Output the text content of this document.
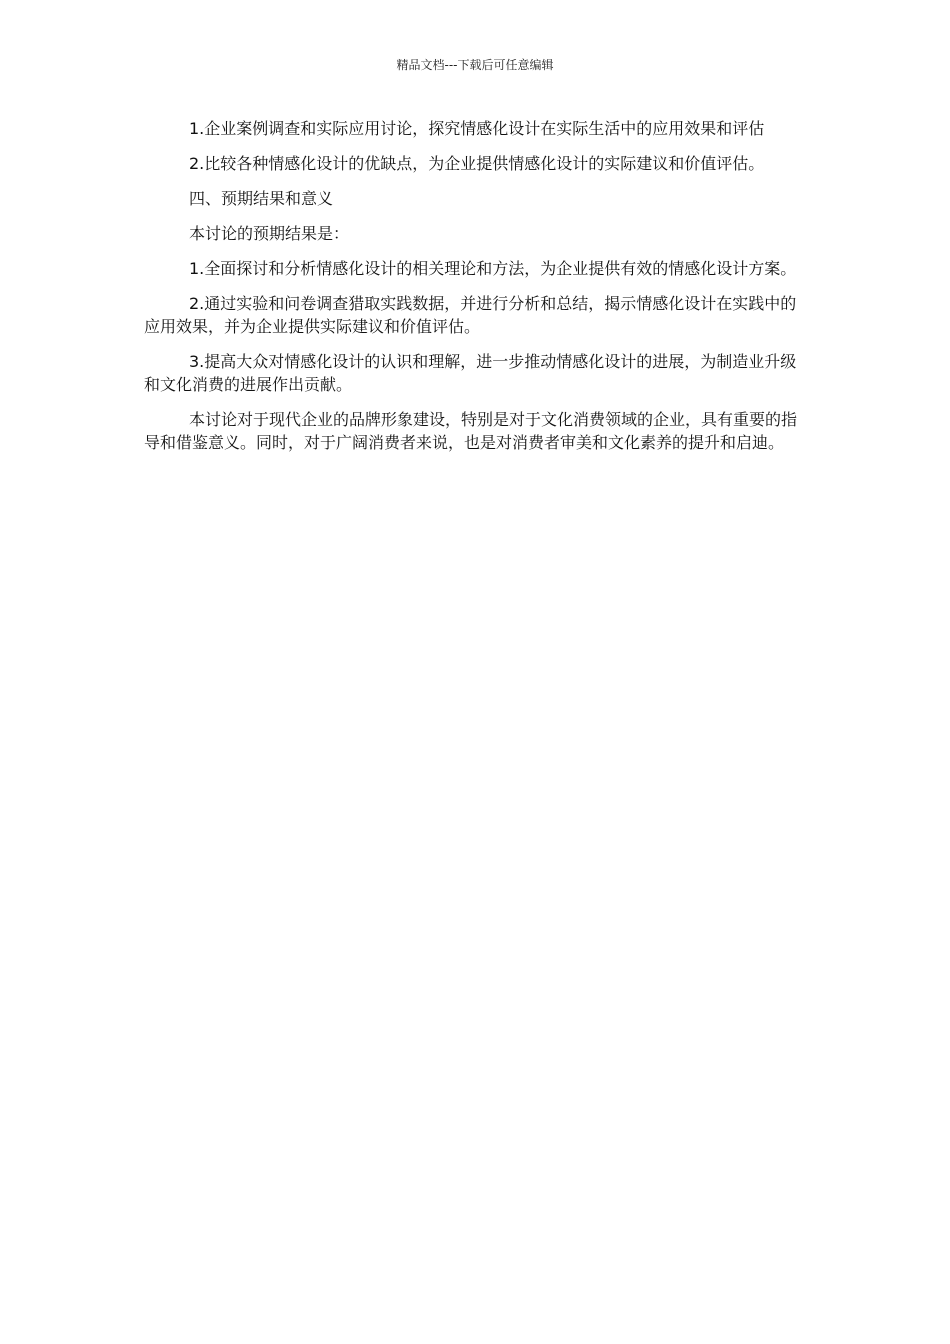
精品文档---下载后可任意编辑

1.企业案例调查和实际应用讨论，探究情感化设计在实际生活中的应用效果和评估

2.比较各种情感化设计的优缺点，为企业提供情感化设计的实际建议和价值评估。

四、预期结果和意义

本讨论的预期结果是：

1.全面探讨和分析情感化设计的相关理论和方法，为企业提供有效的情感化设计方案。

2.通过实验和问卷调查猎取实践数据，并进行分析和总结，揭示情感化设计在实践中的应用效果，并为企业提供实际建议和价值评估。

3.提高大众对情感化设计的认识和理解，进一步推动情感化设计的进展，为制造业升级和文化消费的进展作出贡献。

本讨论对于现代企业的品牌形象建设，特别是对于文化消费领域的企业，具有重要的指导和借鉴意义。同时，对于广阔消费者来说，也是对消费者审美和文化素养的提升和启迪。
